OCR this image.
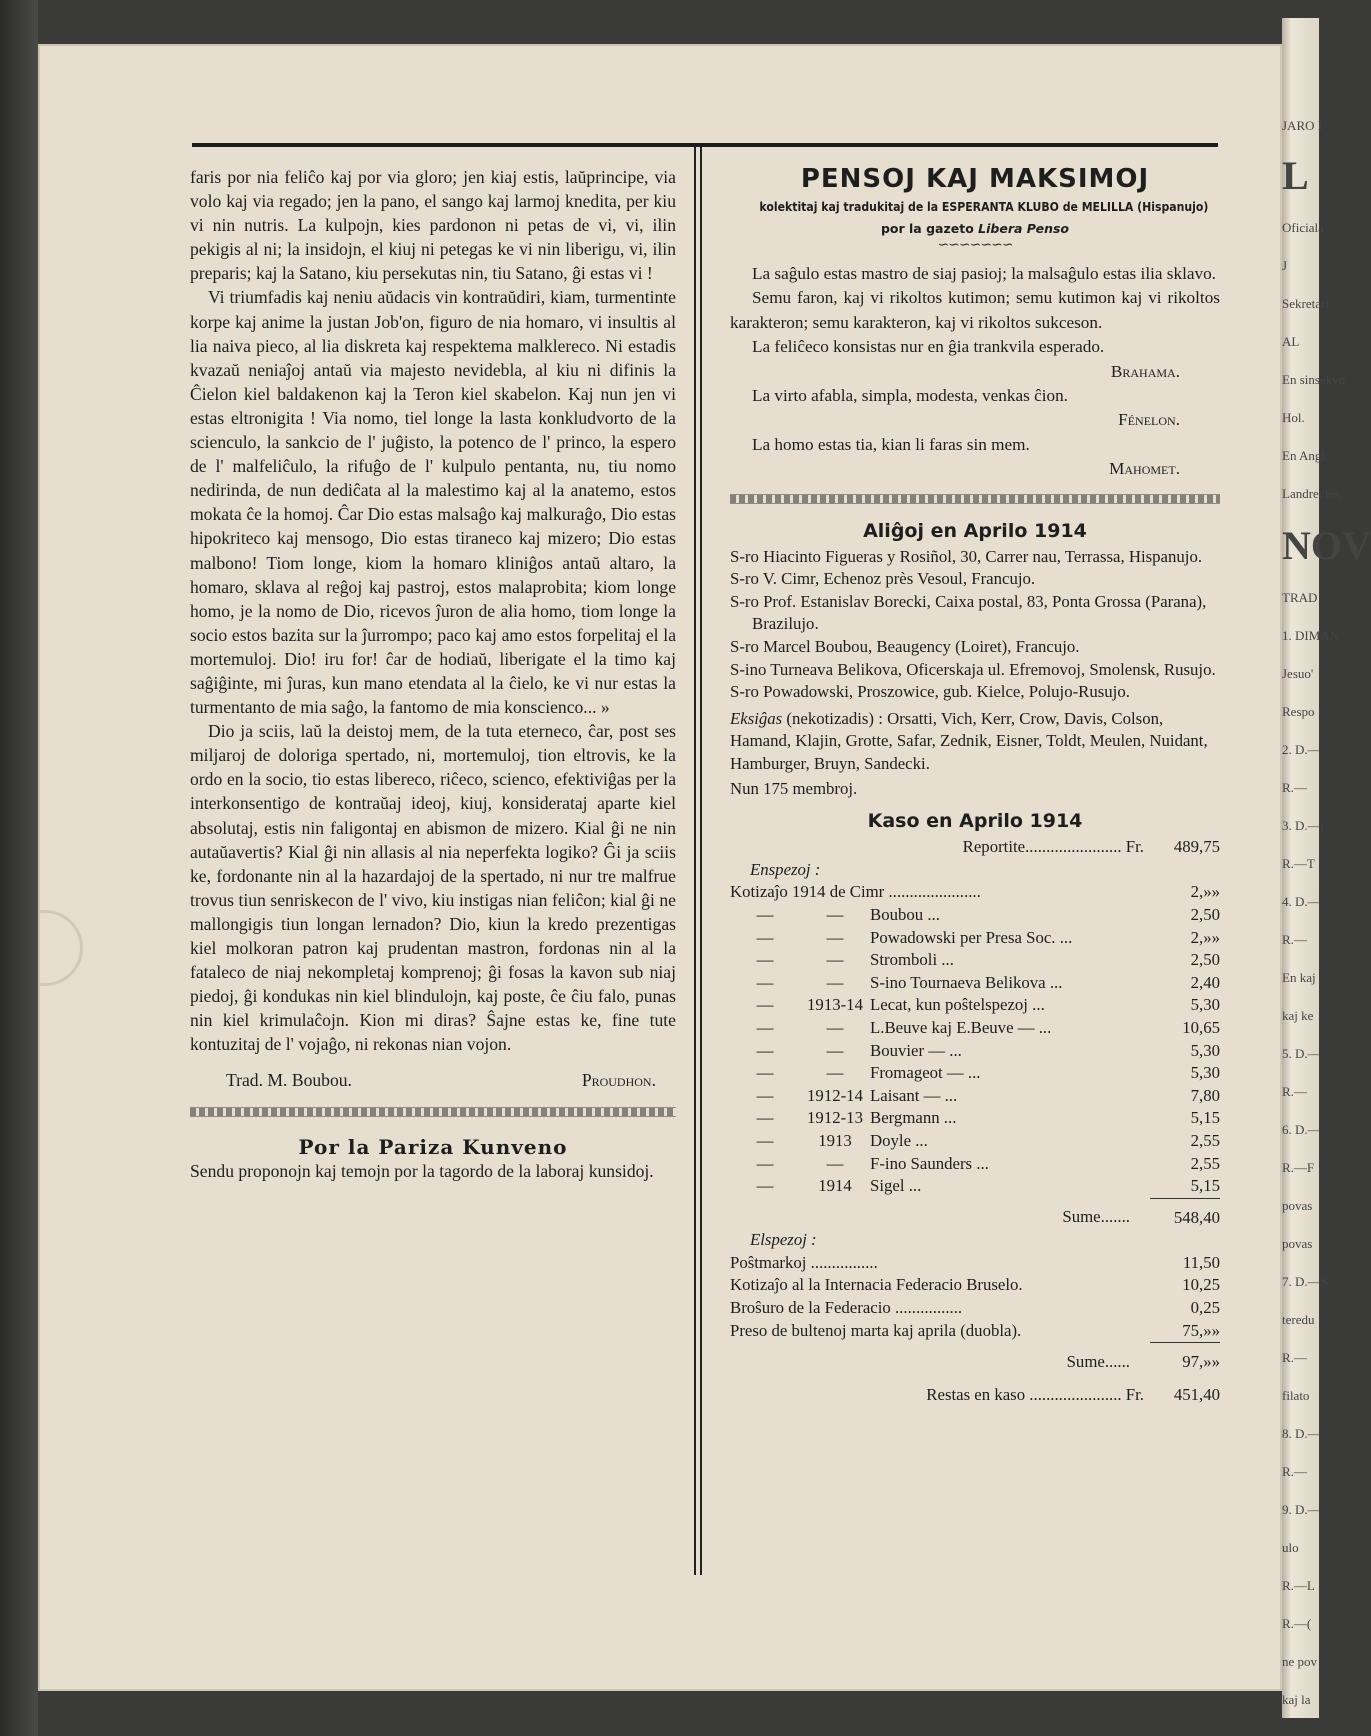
JARO I
L
Oficiala
J
Sekretari
AL
En sinsekvo
Hol.
En Angl.
Landrecies,
NOV
TRAD
1. DIMAN
Jesuo'
Respo
2. D.—
R.—
3. D.—(
R.—T
4. D.—
R.—
En kaj
kaj ke
5. D.—
R.—
6. D.—
R.—F
povas
povas
7. D.—S
teredu
R.—
filato
8. D.—
R.—
9. D.—
ulo
R.—L
R.—(
ne pov
kaj la

faris por nia feliĉo kaj por via gloro; jen kiaj estis, laŭprincipe, via volo kaj via regado; jen la pano, el sango kaj larmoj knedita, per kiu vi nin nutris. La kulpojn, kies pardonon ni petas de vi, vi, ilin pekigis al ni; la insidojn, el kiuj ni petegas ke vi nin liberigu, vi, ilin preparis; kaj la Satano, kiu persekutas nin, tiu Satano, ĝi estas vi !

Vi triumfadis kaj neniu aŭdacis vin kontraŭdiri, kiam, turmentinte korpe kaj anime la justan Job'on, figuro de nia homaro, vi insultis al lia naiva pieco, al lia diskreta kaj respektema malklereco. Ni estadis kvazaŭ neniaĵoj antaŭ via majesto nevidebla, al kiu ni difinis la Ĉielon kiel baldakenon kaj la Teron kiel skabelon. Kaj nun jen vi estas eltronigita ! Via nomo, tiel longe la lasta konkludvorto de la scienculo, la sankcio de l' juĝisto, la potenco de l' princo, la espero de l' malfeliĉulo, la rifuĝo de l' kulpulo pentanta, nu, tiu nomo nedirinda, de nun dediĉata al la malestimo kaj al la anatemo, estos mokata ĉe la homoj. Ĉar Dio estas malsaĝo kaj malkuraĝo, Dio estas hipokriteco kaj mensogo, Dio estas tiraneco kaj mizero; Dio estas malbono! Tiom longe, kiom la homaro kliniĝos antaŭ altaro, la homaro, sklava al reĝoj kaj pastroj, estos malaprobita; kiom longe homo, je la nomo de Dio, ricevos ĵuron de alia homo, tiom longe la socio estos bazita sur la ĵurrompo; paco kaj amo estos forpelitaj el la mortemuloj. Dio! iru for! ĉar de hodiaŭ, liberigate el la timo kaj saĝiĝinte, mi ĵuras, kun mano etendata al la ĉielo, ke vi nur estas la turmentanto de mia saĝo, la fantomo de mia konscienco... »

Dio ja sciis, laŭ la deistoj mem, de la tuta eterneco, ĉar, post ses miljaroj de doloriga spertado, ni, mortemuloj, tion eltrovis, ke la ordo en la socio, tio estas libereco, riĉeco, scienco, efektiviĝas per la interkonsentigo de kontraŭaj ideoj, kiuj, konsiderataj aparte kiel absolutaj, estis nin faligontaj en abismon de mizero. Kial ĝi ne nin autaŭavertis? Kial ĝi nin allasis al nia neperfekta logiko? Ĝi ja sciis ke, fordonante nin al la hazardajoj de la spertado, ni nur tre malfrue trovus tiun senriskecon de l' vivo, kiu instigas nian feliĉon; kial ĝi ne mallongigis tiun longan lernadon? Dio, kiun la kredo prezentigas kiel molkoran patron kaj prudentan mastron, fordonas nin al la fataleco de niaj nekompletaj komprenoj; ĝi fosas la kavon sub niaj piedoj, ĝi kondukas nin kiel blindulojn, kaj poste, ĉe ĉiu falo, punas nin kiel krimulaĉojn. Kion mi diras? Ŝajne estas ke, fine tute kontuzitaj de l' vojaĝo, ni rekonas nian vojon.

Trad. M. Boubou.	Proudhon.
Por la Pariza Kunveno

Sendu proponojn kaj temojn por la tagordo de la laboraj kunsidoj.

PENSOJ KAJ MAKSIMOJ
kolektitaj kaj tradukitaj de la ESPERANTA KLUBO de MELILLA (Hispanujo)
por la gazeto Libera Penso
∽∽∽∽∽∽∽

La saĝulo estas mastro de siaj pasioj; la malsaĝulo estas ilia sklavo.

Semu faron, kaj vi rikoltos kutimon; semu kutimon kaj vi rikoltos karakteron; semu karakteron, kaj vi rikoltos sukceson.

La feliĉeco konsistas nur en ĝia trankvila esperado.

Brahama.

La virto afabla, simpla, modesta, venkas ĉion.

Fénelon.

La homo estas tia, kian li faras sin mem.

Mahomet.
Aliĝoj en Aprilo 1914
S-ro Hiacinto Figueras y Rosiñol, 30, Carrer nau, Terrassa, Hispanujo.
S-ro V. Cimr, Echenoz près Vesoul, Francujo.
S-ro Prof. Estanislav Borecki, Caixa postal, 83, Ponta Grossa (Parana), Brazilujo.
S-ro Marcel Boubou, Beaugency (Loiret), Francujo.
S-ino Turneava Belikova, Oficerskaja ul. Efremovoj, Smolensk, Rusujo.
S-ro Powadowski, Proszowice, gub. Kielce, Polujo-Rusujo.
Eksiĝas (nekotizadis) : Orsatti, Vich, Kerr, Crow, Davis, Colson, Hamand, Klajin, Grotte, Safar, Zednik, Eisner, Toldt, Meulen, Nuidant, Hamburger, Bruyn, Sandecki.
Nun 175 membroj.
Kaso en Aprilo 1914
Reportite....................... Fr.			489,75
Enspezoj :			
Kotizaĵo 1914 de Cimr ......................			2,»»
—	—	Boubou ...	2,50
—	—	Powadowski per Presa Soc. ...	2,»»
—	—	Stromboli ...	2,50
—	—	S-ino Tournaeva Belikova ...	2,40
—	1913-14	Lecat, kun poŝtelspezoj ...	5,30
—	—	L.Beuve kaj E.Beuve — ...	10,65
—	—	Bouvier — ...	5,30
—	—	Fromageot — ...	5,30
—	1912-14	Laisant — ...	7,80
—	1912-13	Bergmann ...	5,15
—	1913	Doyle ...	2,55
—	—	F-ino Saunders ...	2,55
—	1914	Sigel ...	5,15
Sume.......			548,40
Elspezoj :			
Poŝtmarkoj ................			11,50
Kotizaĵo al la Internacia Federacio Bruselo.			10,25
Broŝuro de la Federacio ................			0,25
Preso de bultenoj marta kaj aprila (duobla).			75,»»
Sume......			97,»»
Restas en kaso ...................... Fr.			451,40
